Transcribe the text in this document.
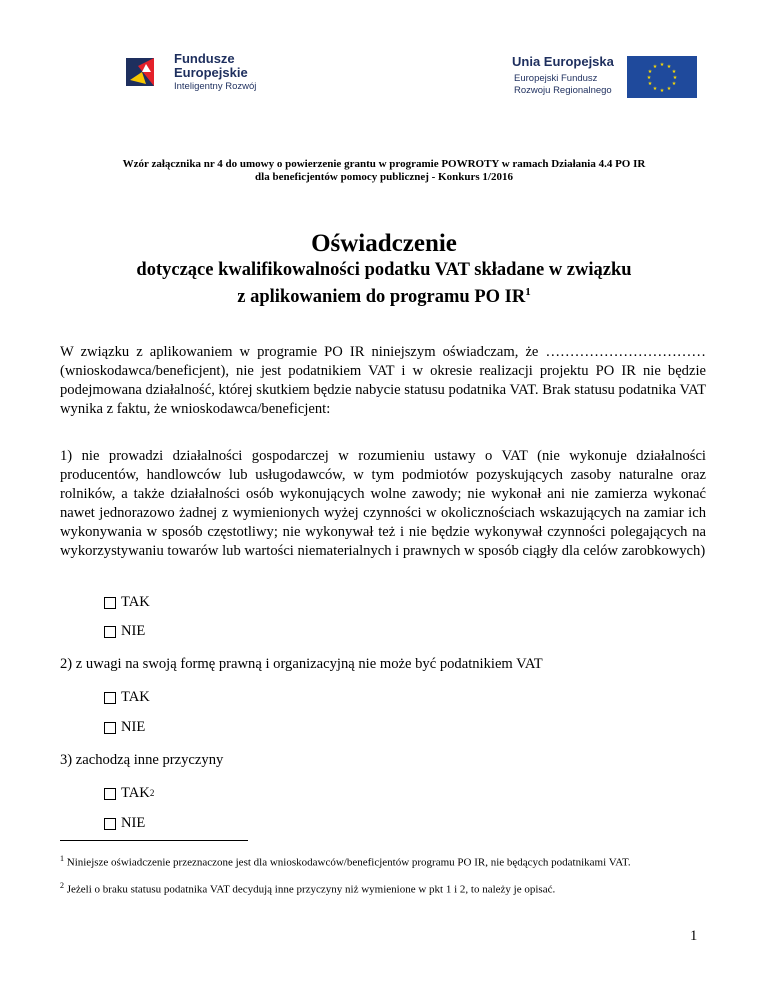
Fundusze
Europejskie
Inteligentny Rozwój
Unia Europejska
Europejski Fundusz
Rozwoju Regionalnego
★ ★
★
★
★
★
★
★
★
★
★
★
Wzór załącznika nr 4 do umowy o powierzenie grantu w programie POWROTY w ramach Działania 4.4 PO IR
dla beneficjentów pomocy publicznej - Konkurs 1/2016
Oświadczenie
dotyczące kwalifikowalności podatku VAT składane w związku
z aplikowaniem do programu PO $IR^1$
W związku z aplikowaniem w programie PO IR niniejszym oświadczam, że …………………………… (wnioskodawca/beneficjent), nie jest podatnikiem VAT i w okresie realizacji projektu PO IR nie będzie podejmowana działalność, której skutkiem będzie nabycie statusu podatnika VAT. Brak statusu podatnika VAT wynika z faktu, że wnioskodawca/beneficjent:
1) nie prowadzi działalności gospodarczej w rozumieniu ustawy o VAT (nie wykonuje działalności producentów, handlowców lub usługodawców, w tym podmiotów pozyskujących zasoby naturalne oraz rolników, a także działalności osób wykonujących wolne zawody; nie wykonał ani nie zamierza wykonać nawet jednorazowo żadnej z wymienionych wyżej czynności w okolicznościach wskazujących na zamiar ich wykonywania w sposób częstotliwy; nie wykonywał też i nie będzie wykonywał czynności polegających na wykorzystywaniu towarów lub wartości niematerialnych i prawnych w sposób ciągły dla celów zarobkowych)
TAK
NIE
2) z uwagi na swoją formę prawną i organizacyjną nie może być podatnikiem VAT
TAK
NIE
3) zachodzą inne przyczyny
TAK 2
NIE
$^1$ Niniejsze oświadczenie przeznaczone jest dla wnioskodawców/beneficjentów programu PO IR, nie będących podatnikami VAT.
$^2$ Jeżeli o braku statusu podatnika VAT decydują inne przyczyny niż wymienione w pkt 1 i 2, to należy je opisać.
1
